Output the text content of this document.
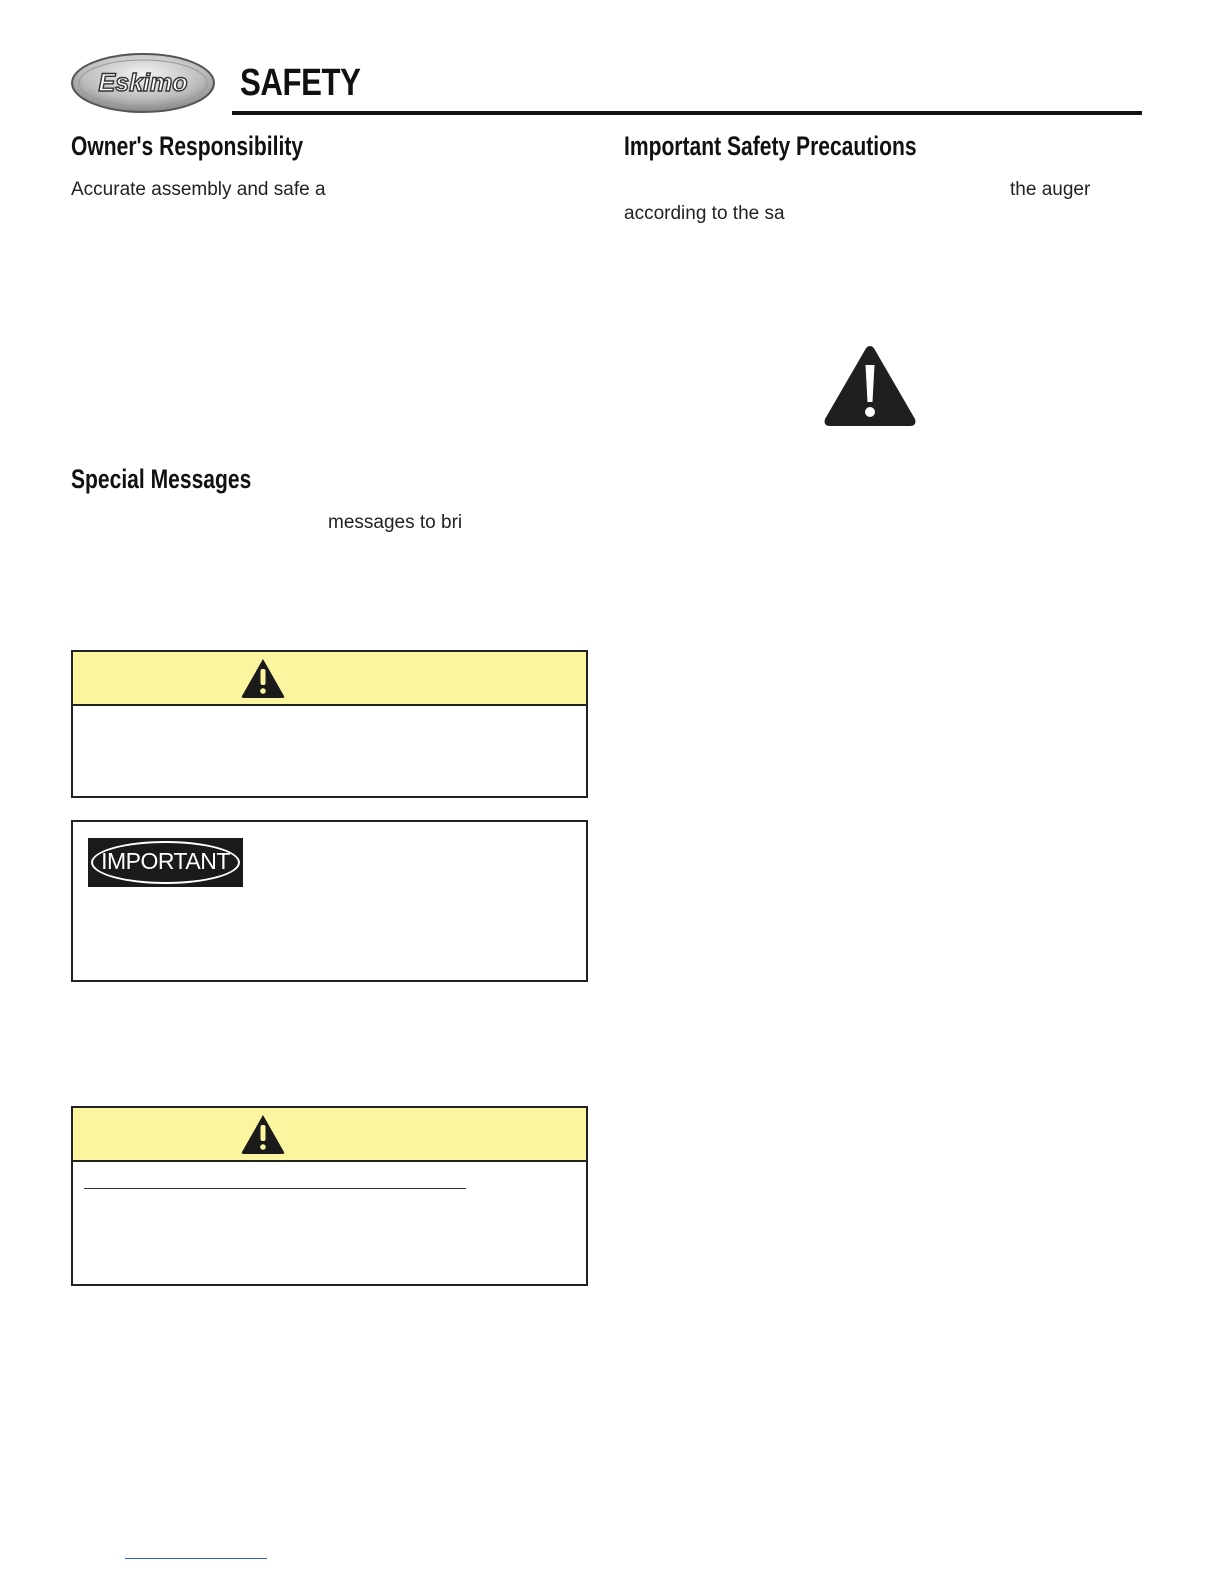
Eskimo SAFETY
Owner's Responsibility

Accurate assembly and safe a

Special Messages

messages to bri

IMPORTANT
Important Safety Precautions

the auger

according to the sa
